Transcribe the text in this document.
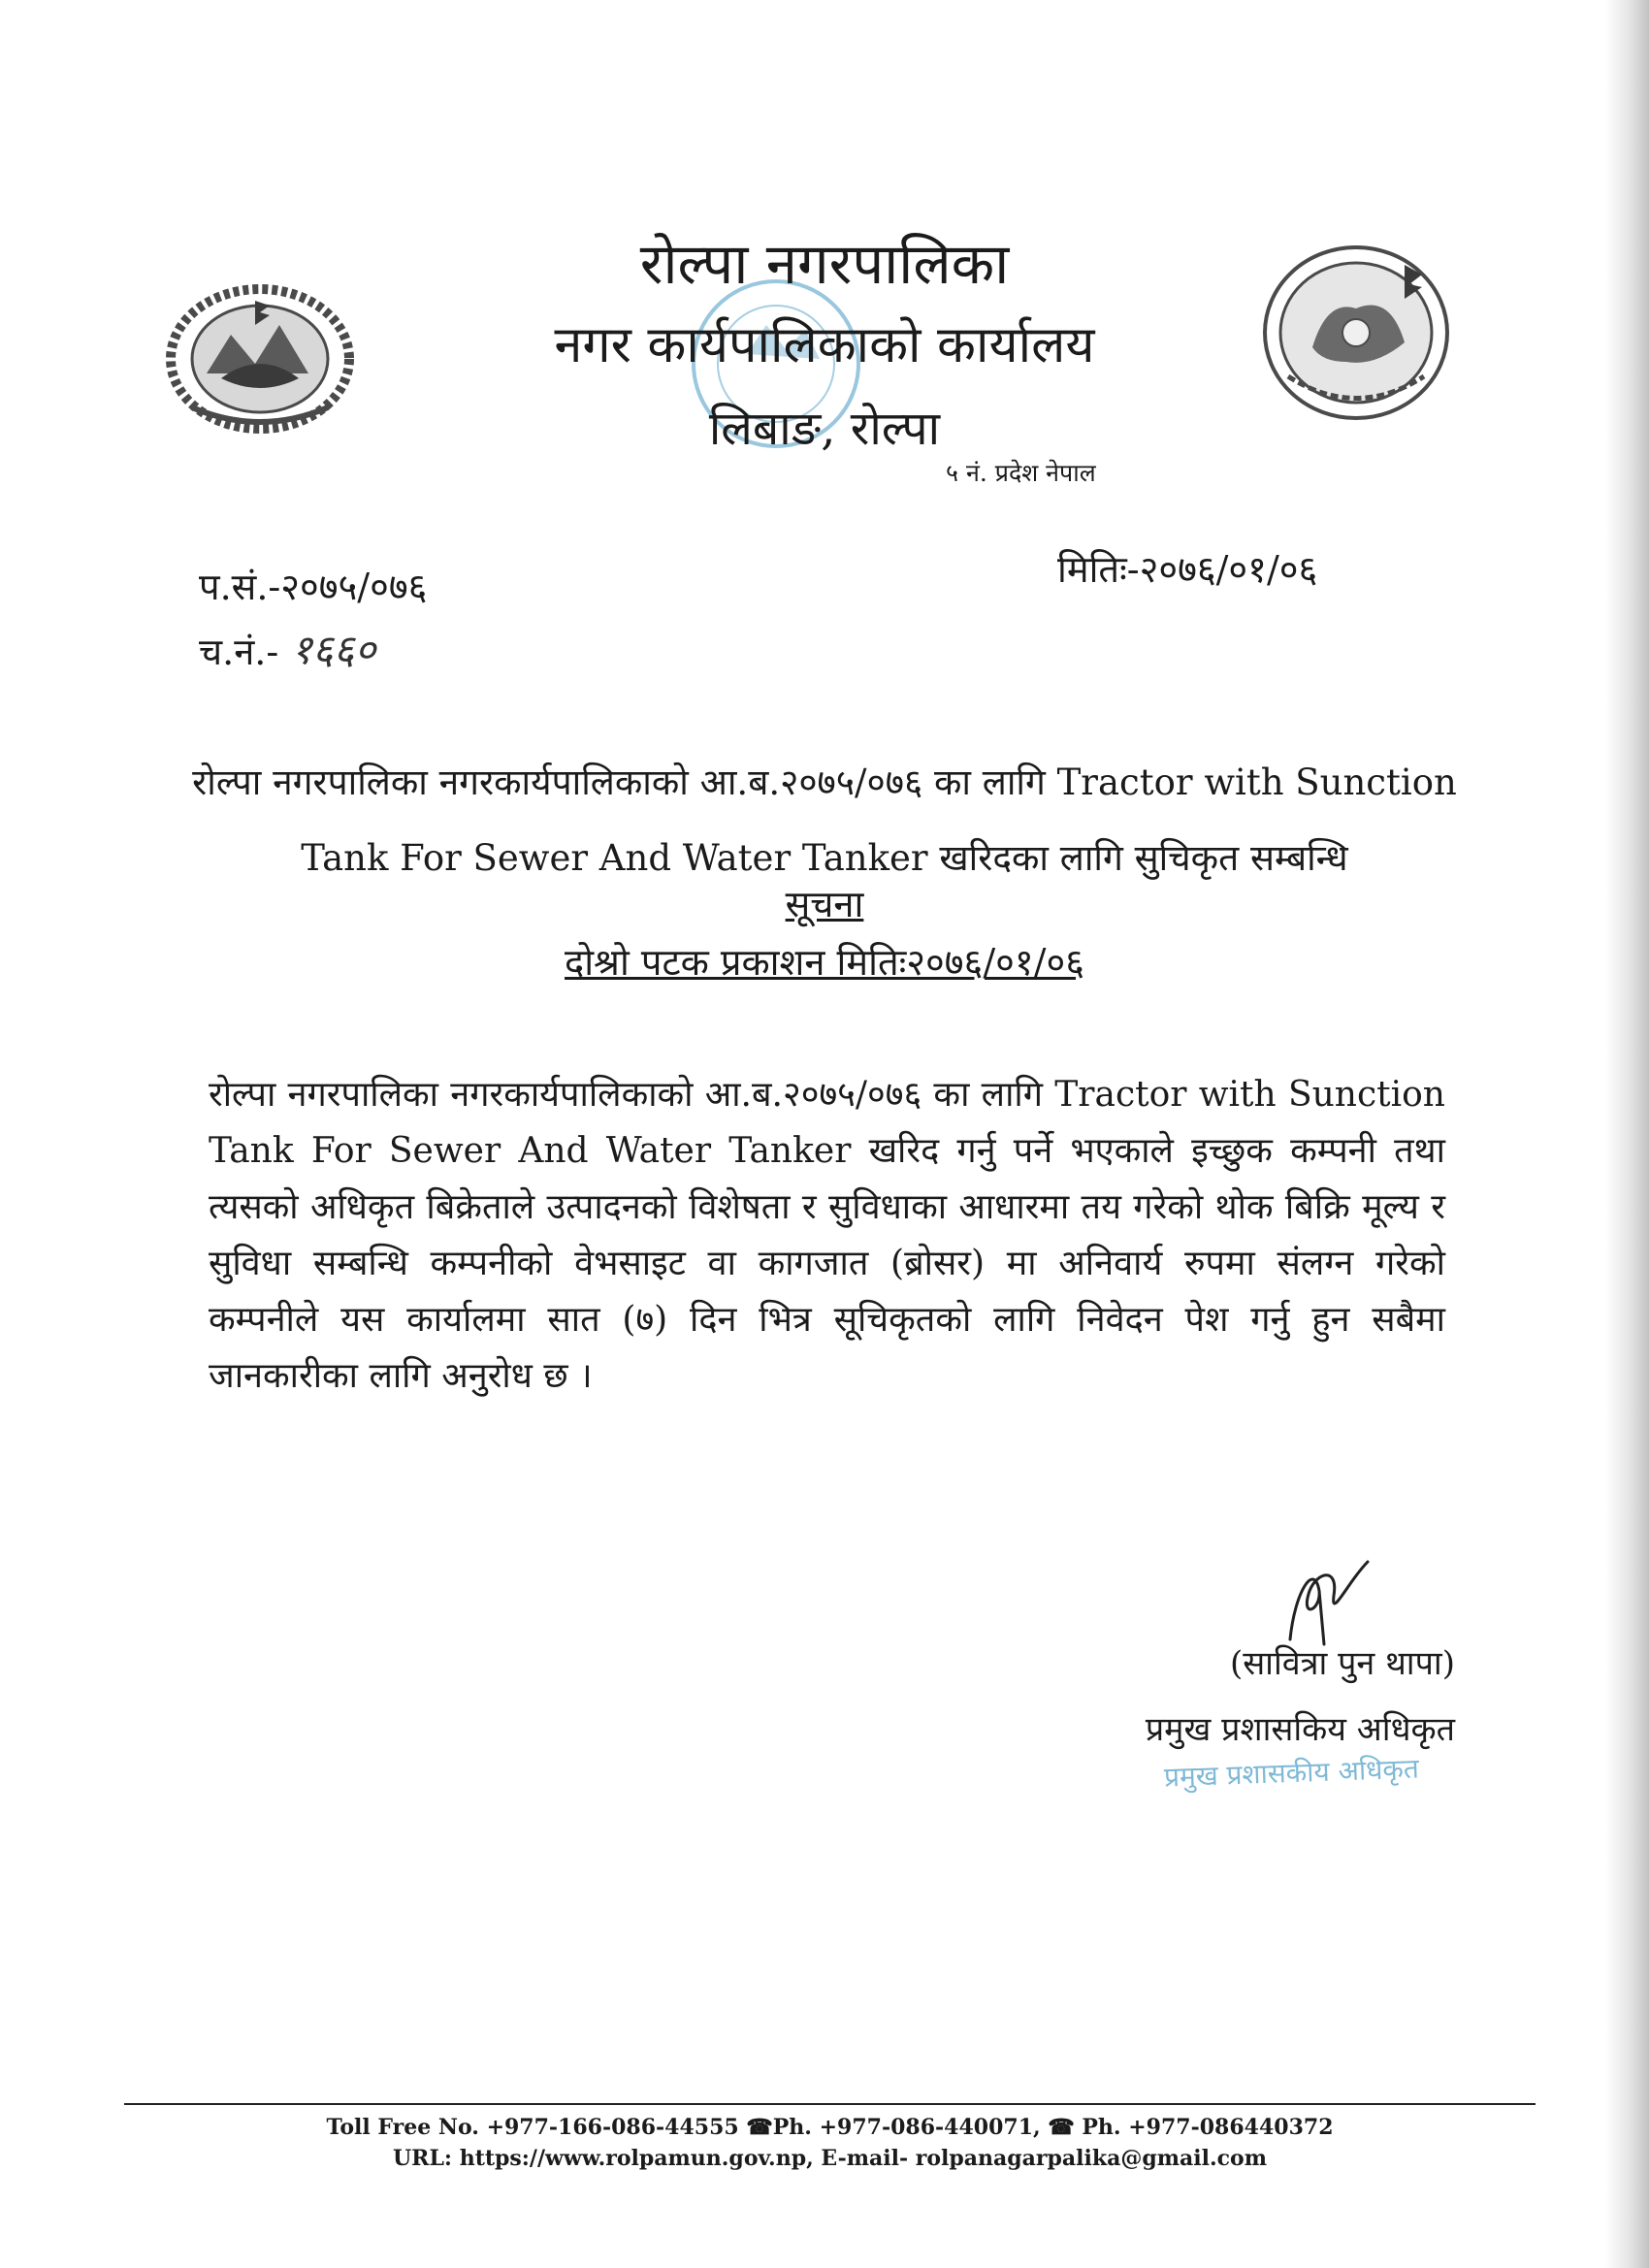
रोल्पा नगरपालिका
नगर कार्यपालिकाको कार्यालय
लिबाङ, रोल्पा
५ नं. प्रदेश नेपाल
प.सं.-२०७५/०७६
च.नं.- १६६०
मितिः-२०७६/०१/०६
रोल्पा नगरपालिका नगरकार्यपालिकाको आ.ब.२०७५/०७६ का लागि Tractor with Sunction Tank For Sewer And Water Tanker खरिदका लागि सुचिकृत सम्बन्धि
सूचना
दोश्रो पटक प्रकाशन मितिः२०७६/०१/०६
रोल्पा नगरपालिका नगरकार्यपालिकाको आ.ब.२०७५/०७६ का लागि Tractor with Sunction Tank For Sewer And Water Tanker खरिद गर्नु पर्ने भएकाले इच्छुक कम्पनी तथा त्यसको अधिकृत बिक्रेताले उत्पादनको विशेषता र सुविधाका आधारमा तय गरेको थोक बिक्रि मूल्य र सुविधा सम्बन्धि कम्पनीको वेभसाइट वा कागजात (ब्रोसर) मा अनिवार्य रुपमा संलग्न गरेको कम्पनीले यस कार्यालमा सात (७) दिन भित्र सूचिकृतको लागि निवेदन पेश गर्नु हुन सबैमा जानकारीका लागि अनुरोध छ ।
(सावित्रा पुन थापा)
प्रमुख प्रशासकिय अधिकृत
प्रमुख प्रशासकीय अधिकृत
Toll Free No. +977-166-086-44555 ☎Ph. +977-086-440071, ☎ Ph. +977-086440372
URL: https://www.rolpamun.gov.np, E-mail- rolpanagarpalika@gmail.com
